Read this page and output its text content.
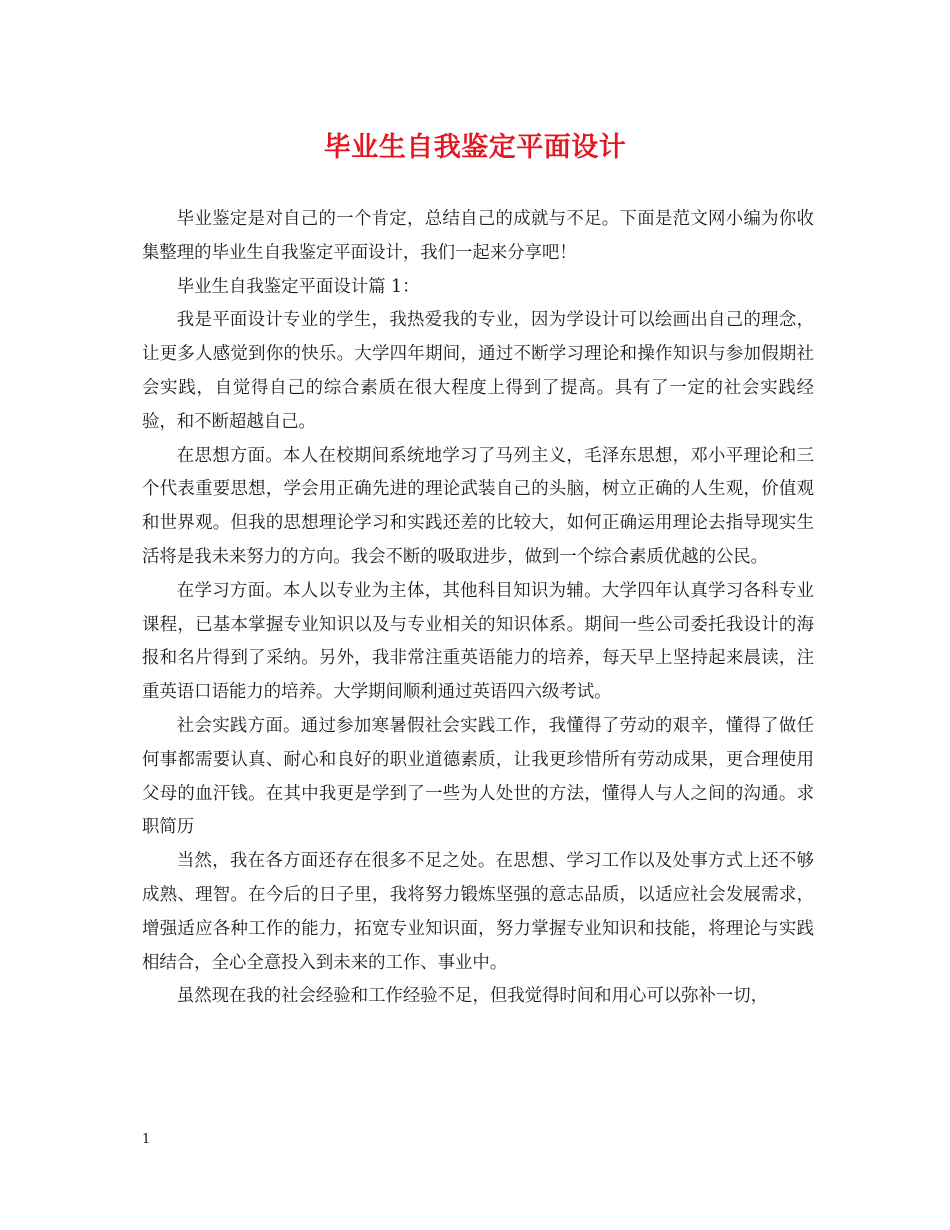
毕业生自我鉴定平面设计

毕业鉴定是对自己的一个肯定，总结自己的成就与不足。下面是范文网小编为你收集整理的毕业生自我鉴定平面设计，我们一起来分享吧！

毕业生自我鉴定平面设计篇 1：

我是平面设计专业的学生，我热爱我的专业，因为学设计可以绘画出自己的理念，让更多人感觉到你的快乐。大学四年期间，通过不断学习理论和操作知识与参加假期社会实践，自觉得自己的综合素质在很大程度上得到了提高。具有了一定的社会实践经验，和不断超越自己。

在思想方面。本人在校期间系统地学习了马列主义，毛泽东思想，邓小平理论和三个代表重要思想，学会用正确先进的理论武装自己的头脑，树立正确的人生观，价值观和世界观。但我的思想理论学习和实践还差的比较大，如何正确运用理论去指导现实生活将是我未来努力的方向。我会不断的吸取进步，做到一个综合素质优越的公民。

在学习方面。本人以专业为主体，其他科目知识为辅。大学四年认真学习各科专业课程，已基本掌握专业知识以及与专业相关的知识体系。期间一些公司委托我设计的海报和名片得到了采纳。另外，我非常注重英语能力的培养，每天早上坚持起来晨读，注重英语口语能力的培养。大学期间顺利通过英语四六级考试。

社会实践方面。通过参加寒暑假社会实践工作，我懂得了劳动的艰辛，懂得了做任何事都需要认真、耐心和良好的职业道德素质，让我更珍惜所有劳动成果，更合理使用父母的血汗钱。在其中我更是学到了一些为人处世的方法，懂得人与人之间的沟通。求职简历

当然，我在各方面还存在很多不足之处。在思想、学习工作以及处事方式上还不够成熟、理智。在今后的日子里，我将努力锻炼坚强的意志品质，以适应社会发展需求，增强适应各种工作的能力，拓宽专业知识面，努力掌握专业知识和技能，将理论与实践相结合，全心全意投入到未来的工作、事业中。

虽然现在我的社会经验和工作经验不足，但我觉得时间和用心可以弥补一切，

1
